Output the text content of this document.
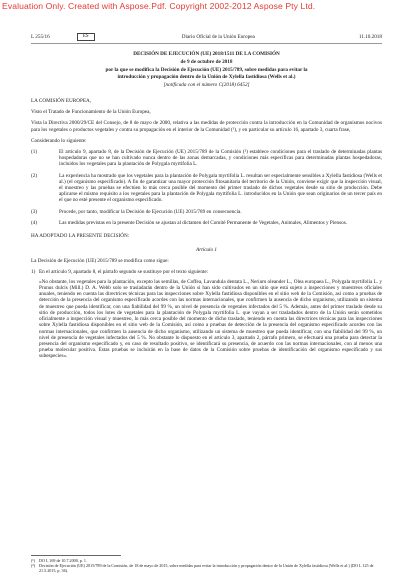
Evaluation Only. Created with Aspose.Pdf. Copyright 2002-2012 Aspose Pty Ltd.
L 255/16	ES	Diario Oficial de la Unión Europea	11.10.2018
DECISIÓN DE EJECUCIÓN (UE) 2018/1511 DE LA COMISIÓN
de 9 de octubre de 2018
por la que se modifica la Decisión de Ejecución (UE) 2015/789, sobre medidas para evitar la
introducción y propagación dentro de la Unión de Xylella fastidiosa (Wells et al.)
[notificada con el número C(2018) 6452]

LA COMISIÓN EUROPEA,

Visto el Tratado de Funcionamiento de la Unión Europea,

Vista la Directiva 2000/29/CE del Consejo, de 8 de mayo de 2000, relativa a las medidas de protección contra la introducción en la Comunidad de organismos nocivos para los vegetales o productos vegetales y contra su propagación en el interior de la Comunidad (¹), y en particular su artículo 16, apartado 3, cuarta frase,

Considerando lo siguiente:

(1)	El artículo 9, apartado 8, de la Decisión de Ejecución (UE) 2015/789 de la Comisión (²) establece condiciones para el traslado de determinadas plantas hospedadoras que no se han cultivado nunca dentro de las zonas demarcadas, y condiciones más específicas para determinadas plantas hospedadoras, incluidos los vegetales para la plantación de Polygala myrtifolia L.
(2)	La experiencia ha mostrado que los vegetales para la plantación de Polygala myrtifolia L. resultan ser especialmente sensibles a Xylella fastidiosa (Wells et al.) (el organismo especificado). A fin de garantizar una mayor protección fitosanitaria del territorio de la Unión, conviene exigir que la inspección visual, el muestreo y las pruebas se efectúen lo más cerca posible del momento del primer traslado de dichos vegetales desde su sitio de producción. Debe aplicarse el mismo requisito a los vegetales para la plantación de Polygala myrtifolia L. introducidos en la Unión que sean originarios de un tercer país en el que no esté presente el organismo especificado.
(3)	Procede, por tanto, modificar la Decisión de Ejecución (UE) 2015/789 en consecuencia.
(4)	Las medidas previstas en la presente Decisión se ajustan al dictamen del Comité Permanente de Vegetales, Animales, Alimentos y Piensos.

HA ADOPTADO LA PRESENTE DECISIÓN:

Artículo 1

La Decisión de Ejecución (UE) 2015/789 se modifica como sigue:

1) En el artículo 9, apartado 8, el párrafo segundo se sustituye por el texto siguiente:

«No obstante, los vegetales para la plantación, excepto las semillas, de Coffea, Lavandula dentata L., Nerium oleander L., Olea europaea L., Polygala myrtifolia L. y Prunus dulcis (Mill.) D. A. Webb solo se trasladarán dentro de la Unión si han sido cultivados en un sitio que está sujeto a inspecciones y muestreos oficiales anuales, teniendo en cuenta las directrices técnicas para las inspecciones sobre Xylella fastidiosa disponibles en el sitio web de la Comisión, así como a pruebas de detección de la presencia del organismo especificado acordes con las normas internacionales, que confirmen la ausencia de dicho organismo, utilizando un sistema de muestreo que pueda identificar, con una fiabilidad del 99 %, un nivel de presencia de vegetales infectados del 5 %. Además, antes del primer traslado desde su sitio de producción, todos los lotes de vegetales para la plantación de Polygala myrtifolia L. que vayan a ser trasladados dentro de la Unión serán sometidos oficialmente a inspección visual y muestreo, lo más cerca posible del momento de dicho traslado, teniendo en cuenta las directrices técnicas para las inspecciones sobre Xylella fastidiosa disponibles en el sitio web de la Comisión, así como a pruebas de detección de la presencia del organismo especificado acordes con las normas internacionales, que confirmen la ausencia de dicho organismo, utilizando un sistema de muestreo que pueda identificar, con una fiabilidad del 99 %, un nivel de presencia de vegetales infectados del 5 %. No obstante lo dispuesto en el artículo 3, apartado 2, párrafo primero, se efectuará una prueba para detectar la presencia del organismo especificado y, en caso de resultado positivo, se identificará su presencia, de acuerdo con las normas internacionales, con al menos una prueba molecular positiva. Estas pruebas se incluirán en la base de datos de la Comisión sobre pruebas de identificación del organismo especificado y sus subespecies».

(¹) DO L 169 de 10.7.2000, p. 1.
(²) Decisión de Ejecución (UE) 2015/789 de la Comisión, de 18 de mayo de 2015, sobre medidas para evitar la introducción y propagación dentro de la Unión de Xylella fastidiosa (Wells et al.) (DO L 125 de 21.5.2015, p. 36).
